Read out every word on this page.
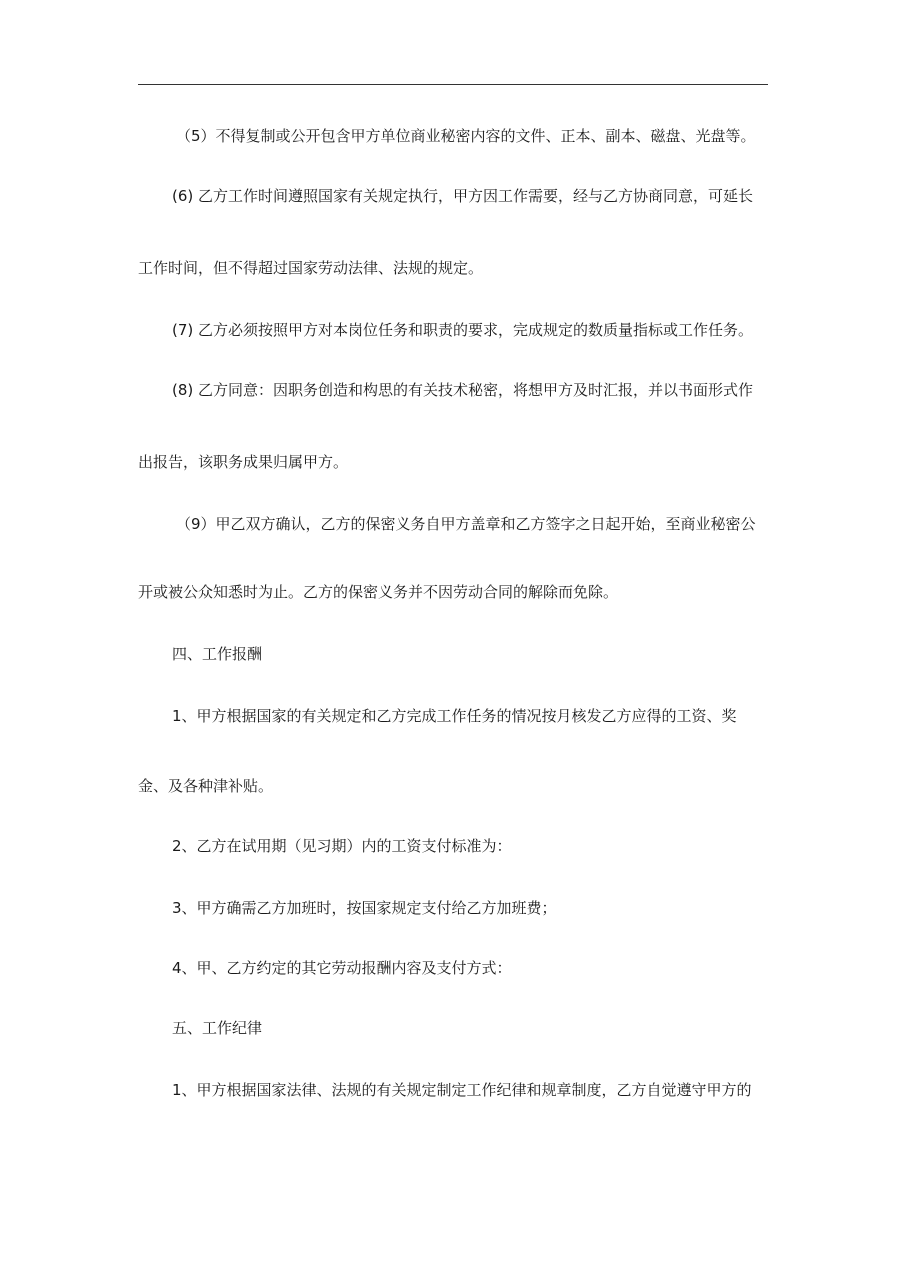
（5）不得复制或公开包含甲方单位商业秘密内容的文件、正本、副本、磁盘、光盘等。
(6) 乙方工作时间遵照国家有关规定执行，甲方因工作需要，经与乙方协商同意，可延长
工作时间，但不得超过国家劳动法律、法规的规定。
(7) 乙方必须按照甲方对本岗位任务和职责的要求，完成规定的数质量指标或工作任务。
(8) 乙方同意：因职务创造和构思的有关技术秘密，将想甲方及时汇报，并以书面形式作
出报告，该职务成果归属甲方。
（9）甲乙双方确认，乙方的保密义务自甲方盖章和乙方签字之日起开始，至商业秘密公
开或被公众知悉时为止。乙方的保密义务并不因劳动合同的解除而免除。
四、工作报酬
1、甲方根据国家的有关规定和乙方完成工作任务的情况按月核发乙方应得的工资、奖
金、及各种津补贴。
2、乙方在试用期（见习期）内的工资支付标准为：
3、甲方确需乙方加班时，按国家规定支付给乙方加班费；
4、甲、乙方约定的其它劳动报酬内容及支付方式：
五、工作纪律
1、甲方根据国家法律、法规的有关规定制定工作纪律和规章制度，乙方自觉遵守甲方的
